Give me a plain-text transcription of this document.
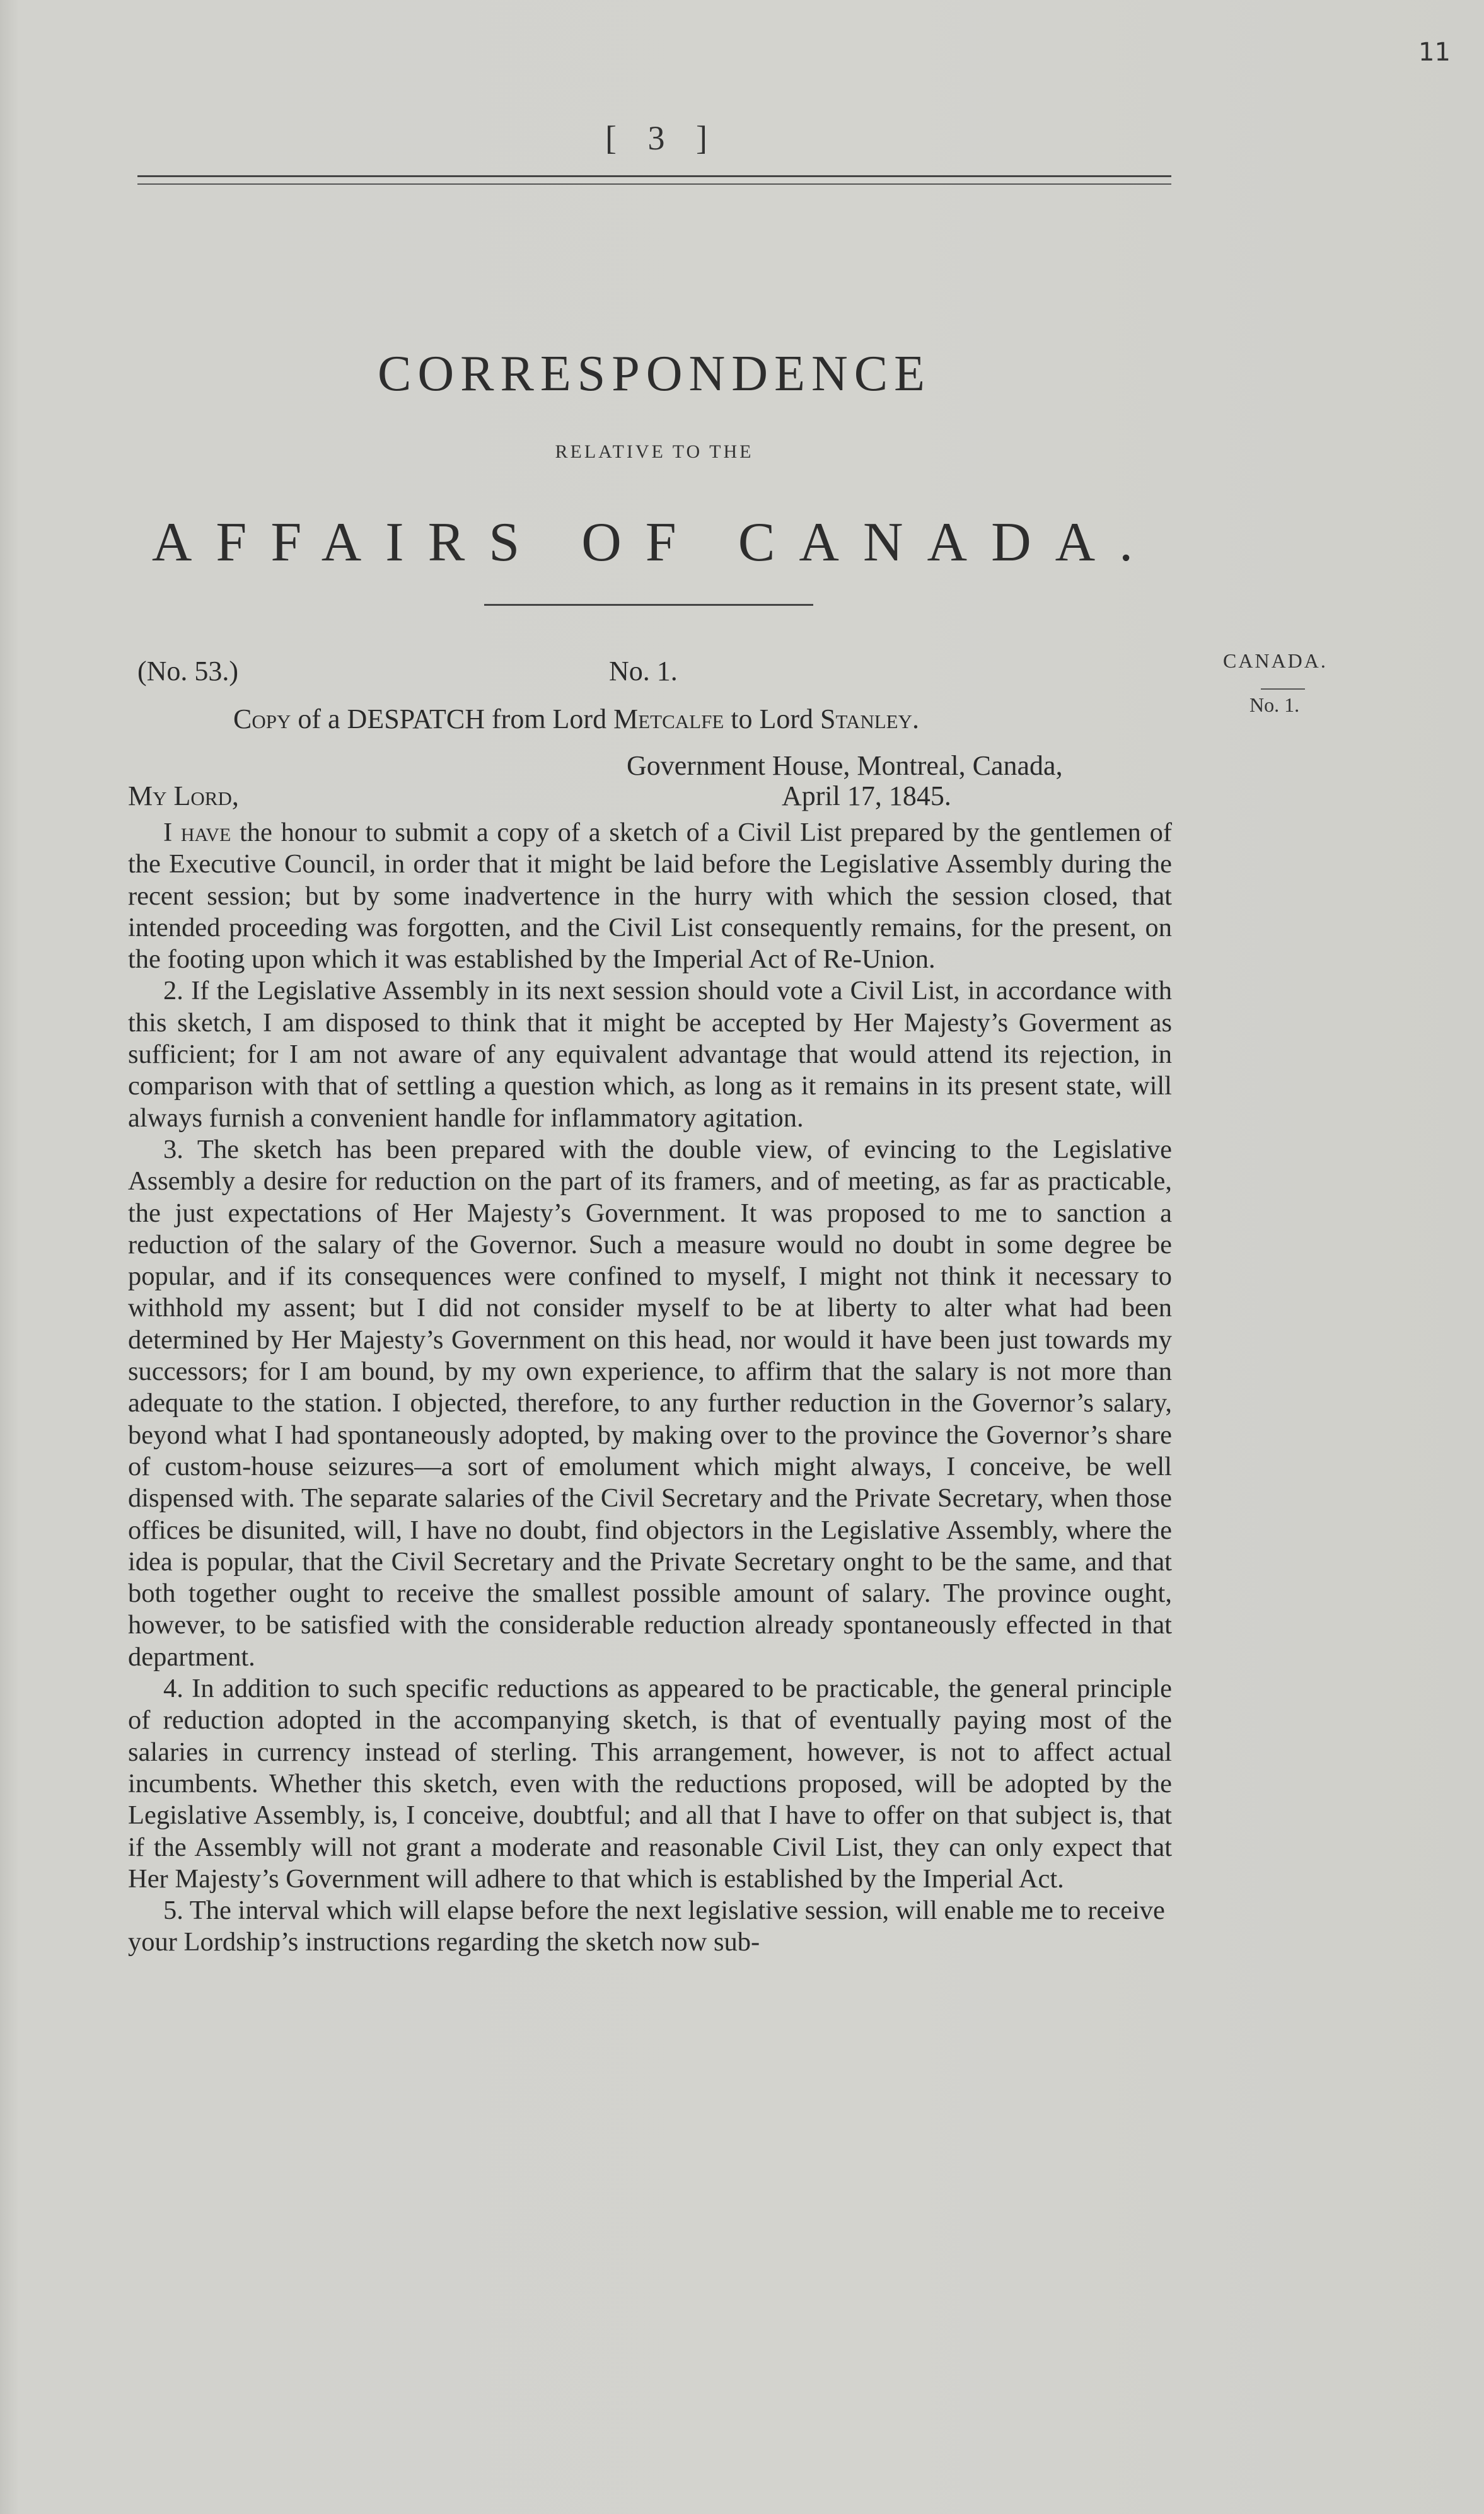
11
[ 3 ]
CORRESPONDENCE
RELATIVE TO THE
AFFAIRS OF CANADA.
CANADA.
No. 1.
(No. 53.)	No. 1.
Copy of a DESPATCH from Lord Metcalfe to Lord Stanley.
Government House, Montreal, Canada,
My Lord,	April 17, 1845.

I have the honour to submit a copy of a sketch of a Civil List prepared by the gentlemen of the Executive Council, in order that it might be laid before the Legislative Assembly during the recent session; but by some inadvertence in the hurry with which the session closed, that intended proceeding was forgotten, and the Civil List consequently remains, for the present, on the footing upon which it was established by the Imperial Act of Re-Union.

2. If the Legislative Assembly in its next session should vote a Civil List, in accordance with this sketch, I am disposed to think that it might be accepted by Her Majesty’s Goverment as sufficient; for I am not aware of any equivalent advantage that would attend its rejection, in comparison with that of settling a question which, as long as it remains in its present state, will always furnish a convenient handle for inflammatory agitation.

3. The sketch has been prepared with the double view, of evincing to the Legislative Assembly a desire for reduction on the part of its framers, and of meeting, as far as practicable, the just expectations of Her Majesty’s Government. It was proposed to me to sanction a reduction of the salary of the Governor. Such a measure would no doubt in some degree be popular, and if its consequences were confined to myself, I might not think it necessary to withhold my assent; but I did not consider myself to be at liberty to alter what had been determined by Her Majesty’s Government on this head, nor would it have been just towards my successors; for I am bound, by my own experience, to affirm that the salary is not more than adequate to the station. I objected, therefore, to any further reduction in the Governor’s salary, beyond what I had spontaneously adopted, by making over to the province the Governor’s share of custom-house seizures—a sort of emolument which might always, I conceive, be well dispensed with. The separate salaries of the Civil Secretary and the Private Secretary, when those offices be disunited, will, I have no doubt, find objectors in the Legislative Assembly, where the idea is popular, that the Civil Secretary and the Private Secretary onght to be the same, and that both together ought to receive the smallest possible amount of salary. The province ought, however, to be satisfied with the considerable reduction already spontaneously effected in that department.

4. In addition to such specific reductions as appeared to be practicable, the general principle of reduction adopted in the accompanying sketch, is that of eventually paying most of the salaries in currency instead of sterling. This arrangement, however, is not to affect actual incumbents. Whether this sketch, even with the reductions proposed, will be adopted by the Legislative Assembly, is, I conceive, doubtful; and all that I have to offer on that subject is, that if the Assembly will not grant a moderate and reasonable Civil List, they can only expect that Her Majesty’s Government will adhere to that which is established by the Imperial Act.

5. The interval which will elapse before the next legislative session, will enable me to receive your Lordship’s instructions regarding the sketch now sub-
